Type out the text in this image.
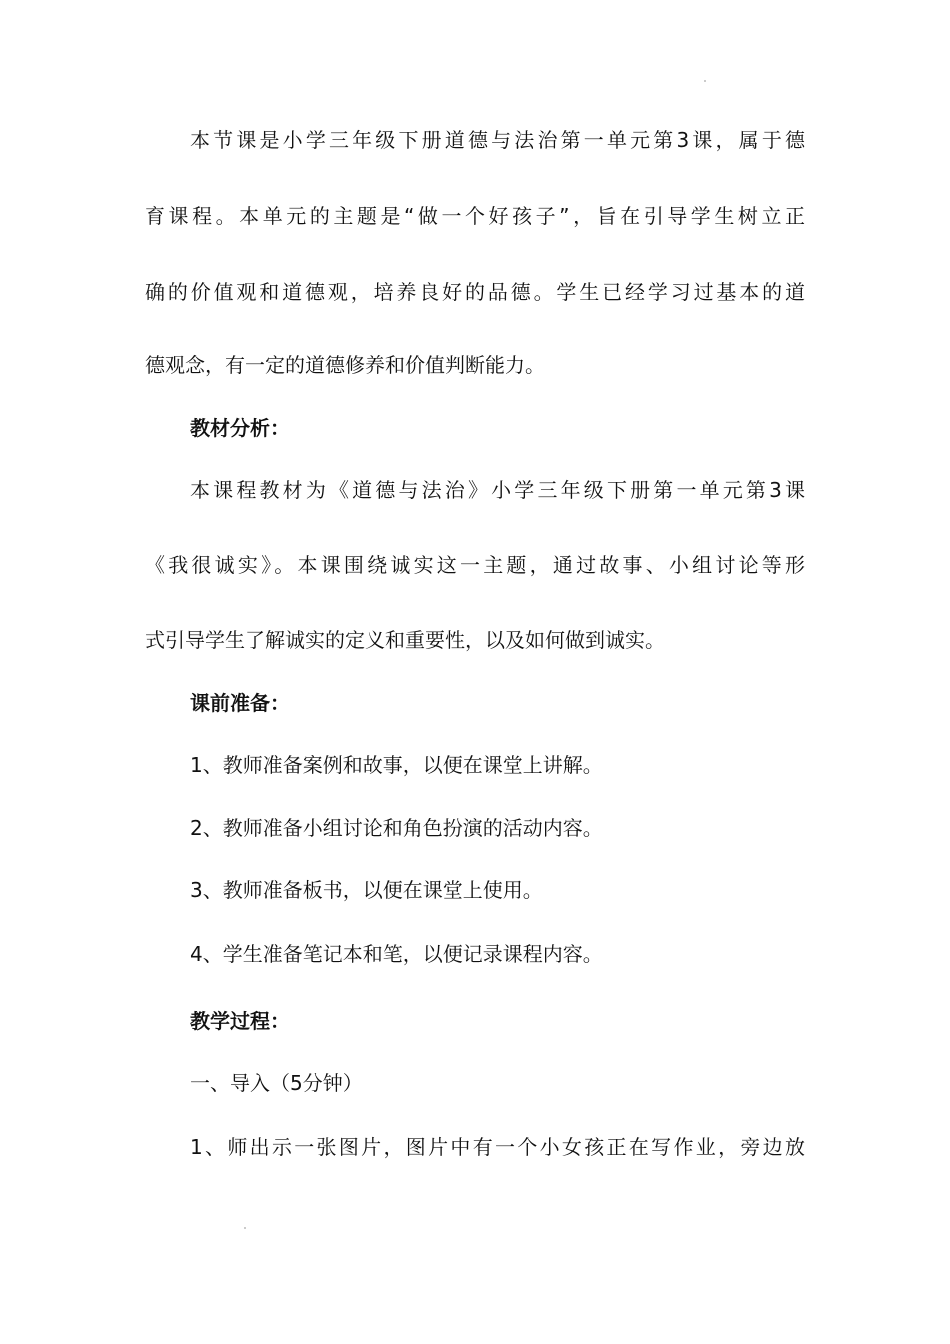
本节课是小学三年级下册道德与法治第一单元第3课，属于德
育课程。本单元的主题是“做一个好孩子”，旨在引导学生树立正
确的价值观和道德观，培养良好的品德。学生已经学习过基本的道
德观念，有一定的道德修养和价值判断能力。
教材分析：
本课程教材为《道德与法治》小学三年级下册第一单元第3课
《我很诚实》。本课围绕诚实这一主题，通过故事、小组讨论等形
式引导学生了解诚实的定义和重要性，以及如何做到诚实。
课前准备：
1、教师准备案例和故事，以便在课堂上讲解。
2、教师准备小组讨论和角色扮演的活动内容。
3、教师准备板书，以便在课堂上使用。
4、学生准备笔记本和笔，以便记录课程内容。
教学过程：
一、导入（5分钟）
1、师出示一张图片，图片中有一个小女孩正在写作业，旁边放
